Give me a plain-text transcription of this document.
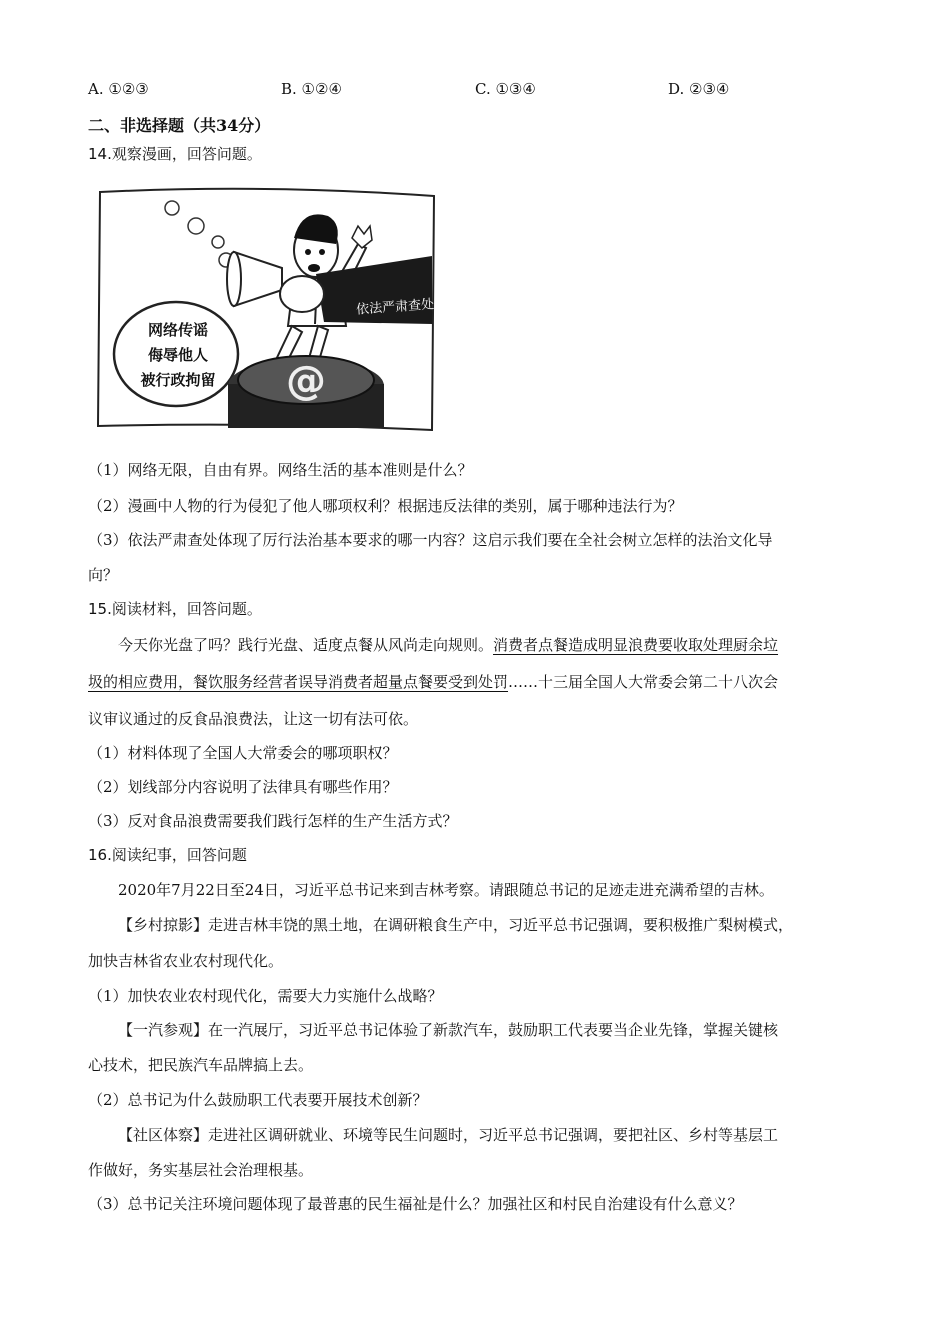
A. ①②③	B. ①②④	C. ①③④	D. ②③④
二、非选择题（共34分）
14.观察漫画，回答问题。
@
网络传谣
侮辱他人
被行政拘留
依法严肃查处
（1）网络无限，自由有界。网络生活的基本准则是什么？
（2）漫画中人物的行为侵犯了他人哪项权利？根据违反法律的类别，属于哪种违法行为？
（3）依法严肃查处体现了厉行法治基本要求的哪一内容？这启示我们要在全社会树立怎样的法治文化导
向？
15.阅读材料，回答问题。
今天你光盘了吗？践行光盘、适度点餐从风尚走向规则。消费者点餐造成明显浪费要收取处理厨余垃
圾的相应费用，餐饮服务经营者误导消费者超量点餐要受到处罚……十三届全国人大常委会第二十八次会
议审议通过的反食品浪费法，让这一切有法可依。
（1）材料体现了全国人大常委会的哪项职权？
（2）划线部分内容说明了法律具有哪些作用？
（3）反对食品浪费需要我们践行怎样的生产生活方式？
16.阅读纪事，回答问题
2020年7月22日至24日，习近平总书记来到吉林考察。请跟随总书记的足迹走进充满希望的吉林。
【乡村掠影】走进吉林丰饶的黑土地，在调研粮食生产中，习近平总书记强调，要积极推广梨树模式，
加快吉林省农业农村现代化。
（1）加快农业农村现代化，需要大力实施什么战略？
【一汽参观】在一汽展厅，习近平总书记体验了新款汽车，鼓励职工代表要当企业先锋，掌握关键核
心技术，把民族汽车品牌搞上去。
（2）总书记为什么鼓励职工代表要开展技术创新？
【社区体察】走进社区调研就业、环境等民生问题时，习近平总书记强调，要把社区、乡村等基层工
作做好，务实基层社会治理根基。
（3）总书记关注环境问题体现了最普惠的民生福祉是什么？加强社区和村民自治建设有什么意义？
